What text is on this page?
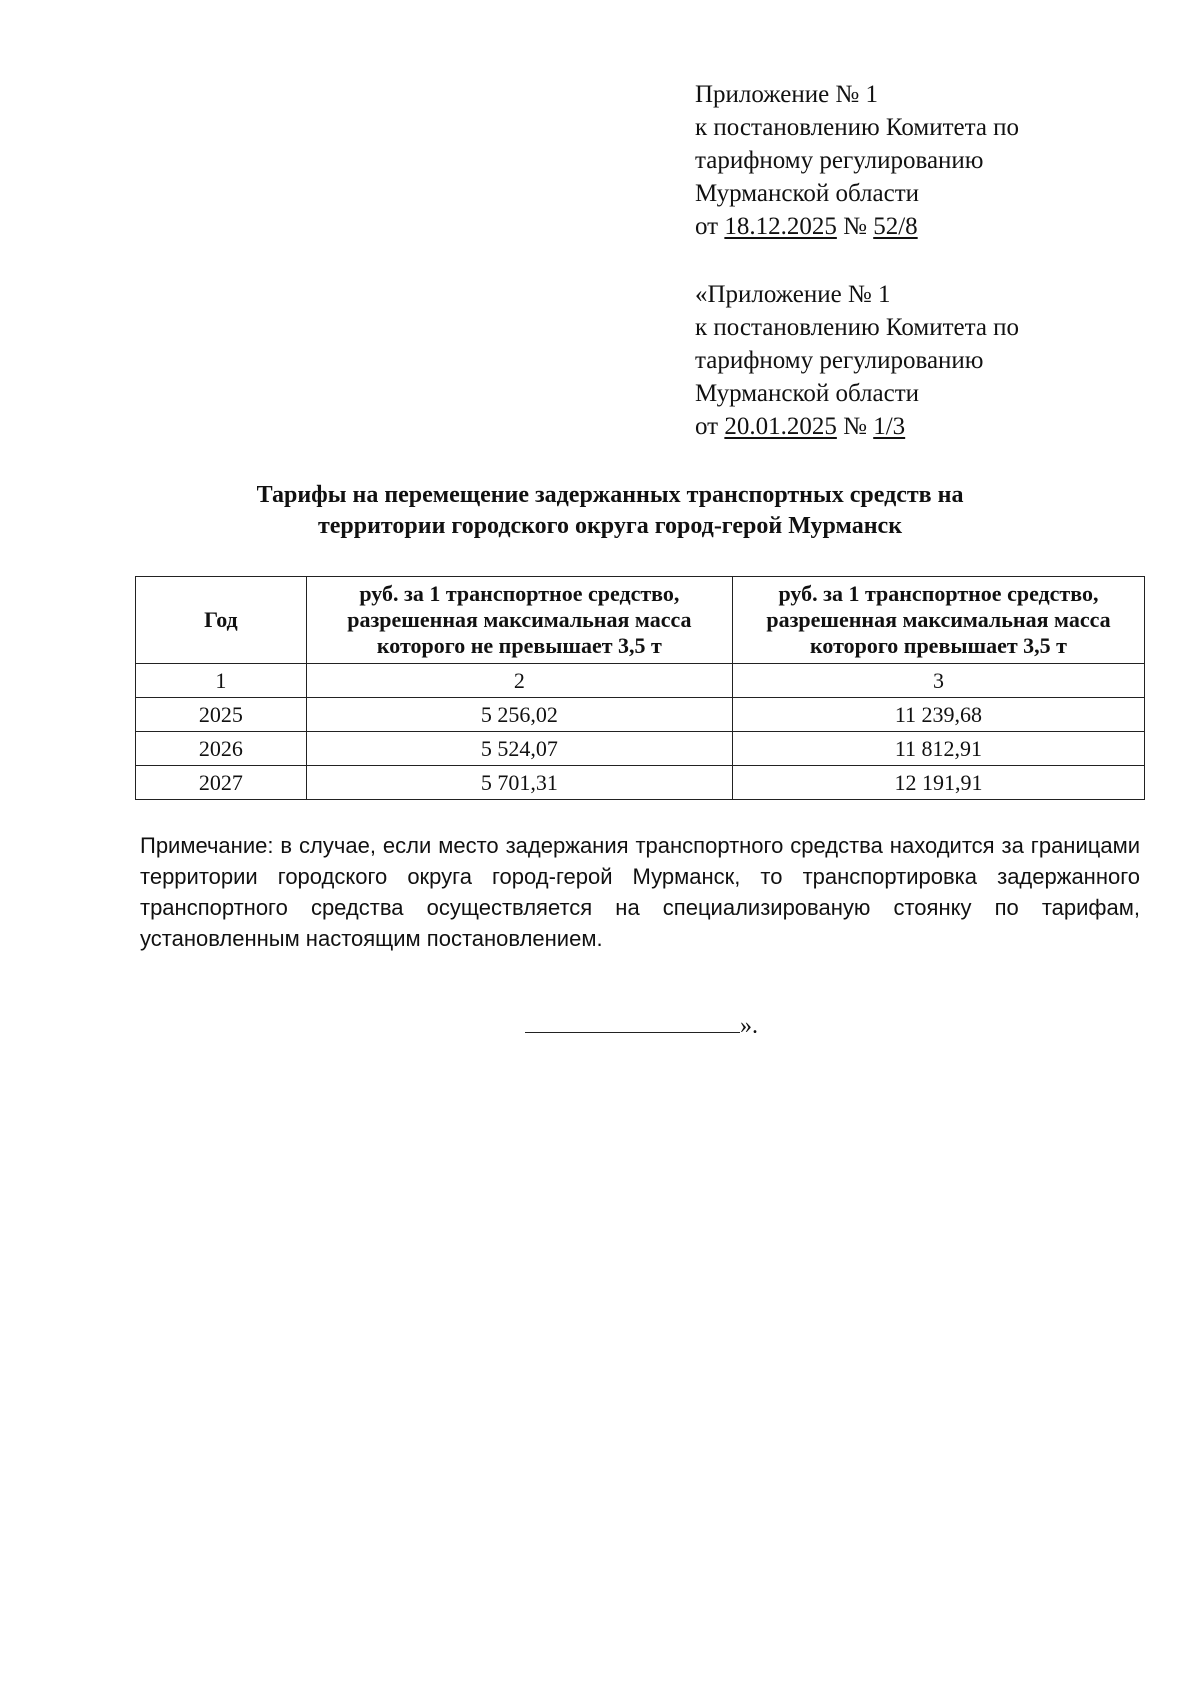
Приложение № 1
к постановлению Комитета по
тарифному регулированию
Мурманской области
от 18.12.2025 № 52/8
«Приложение № 1
к постановлению Комитета по
тарифному регулированию
Мурманской области
от 20.01.2025 № 1/3
Тарифы на перемещение задержанных транспортных средств на
территории городского округа город-герой Мурманск
Год	руб. за 1 транспортное средство, разрешенная максимальная масса которого не превышает 3,5 т	руб. за 1 транспортное средство, разрешенная максимальная масса которого превышает 3,5 т
1	2	3
2025	5 256,02	11 239,68
2026	5 524,07	11 812,91
2027	5 701,31	12 191,91
Примечание: в случае, если место задержания транспортного средства находится за границами территории городского округа город-герой Мурманск, то транспортировка задержанного транспортного средства осуществляется на специализированую стоянку по тарифам, установленным настоящим постановлением.
».
